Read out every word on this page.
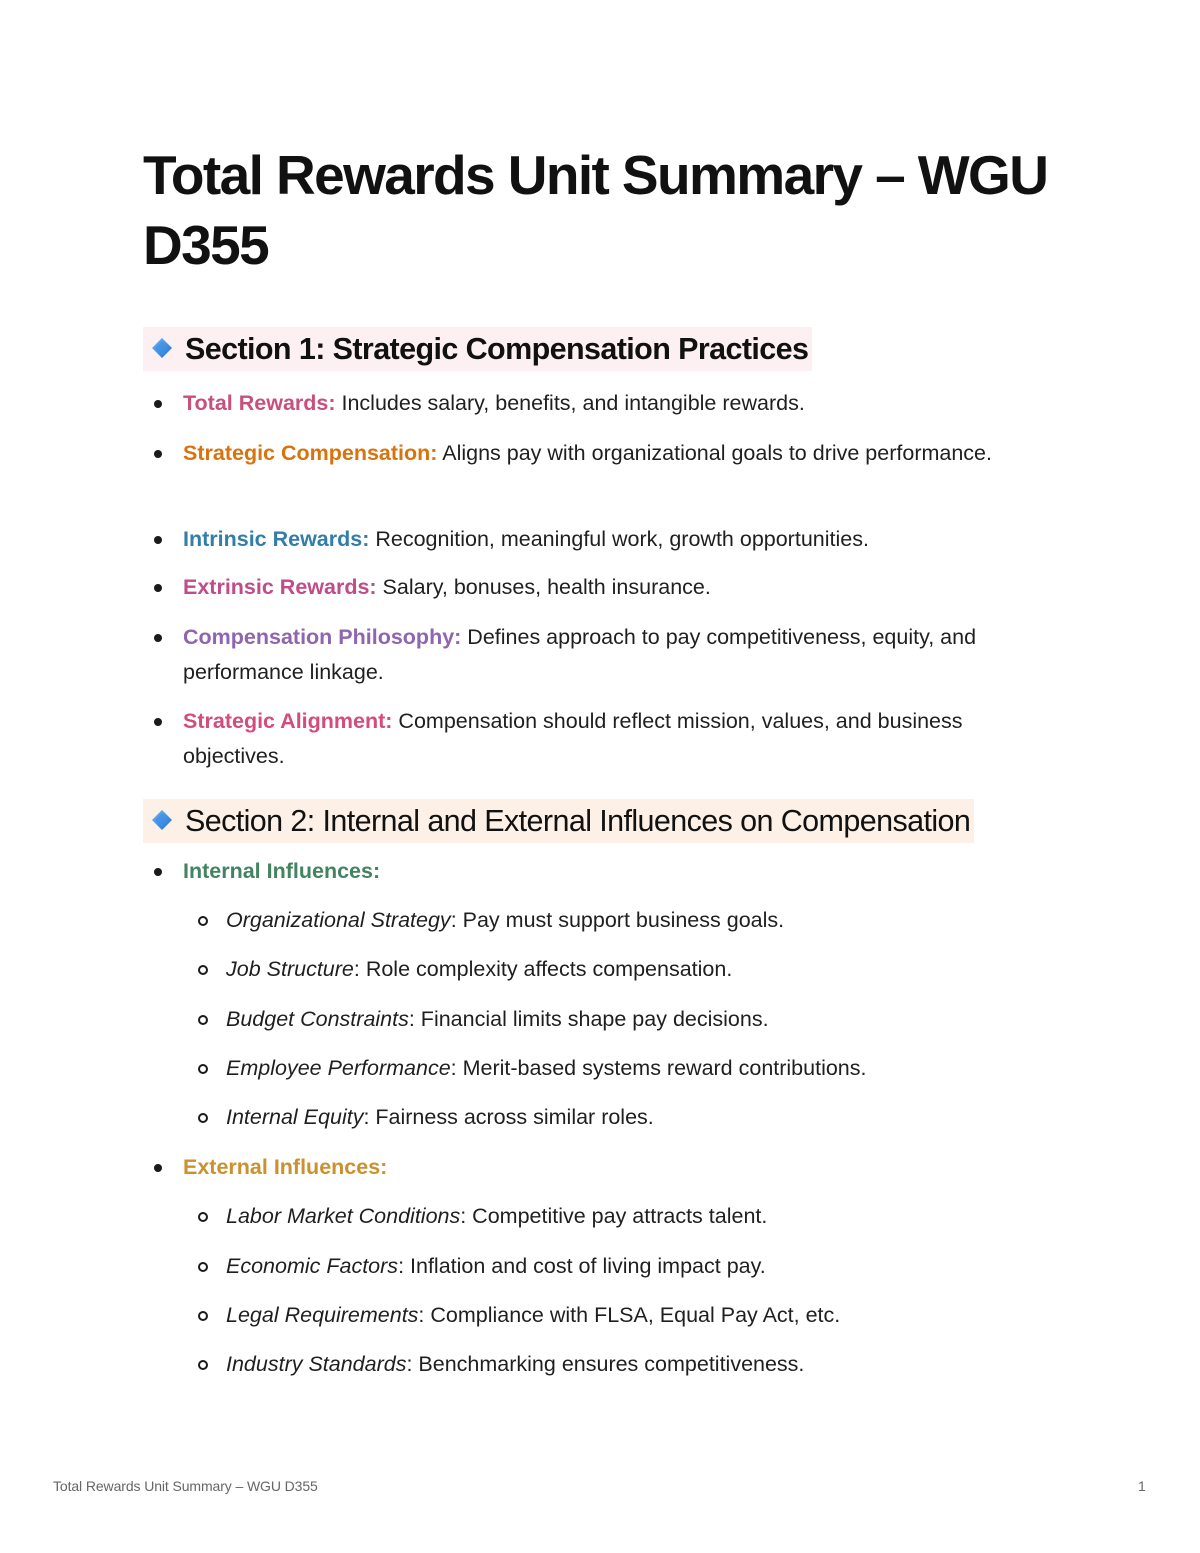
Total Rewards Unit Summary – WGU D355
Section 1: Strategic Compensation Practices
Total Rewards: Includes salary, benefits, and intangible rewards.
Strategic Compensation: Aligns pay with organizational goals to drive performance.
Intrinsic Rewards: Recognition, meaningful work, growth opportunities.
Extrinsic Rewards: Salary, bonuses, health insurance.
Compensation Philosophy: Defines approach to pay competitiveness, equity, and performance linkage.
Strategic Alignment: Compensation should reflect mission, values, and business objectives.
Section 2: Internal and External Influences on Compensation
Internal Influences:
Organizational Strategy: Pay must support business goals.
Job Structure: Role complexity affects compensation.
Budget Constraints: Financial limits shape pay decisions.
Employee Performance: Merit-based systems reward contributions.
Internal Equity: Fairness across similar roles.
External Influences:
Labor Market Conditions: Competitive pay attracts talent.
Economic Factors: Inflation and cost of living impact pay.
Legal Requirements: Compliance with FLSA, Equal Pay Act, etc.
Industry Standards: Benchmarking ensures competitiveness.
Total Rewards Unit Summary – WGU D355	1
